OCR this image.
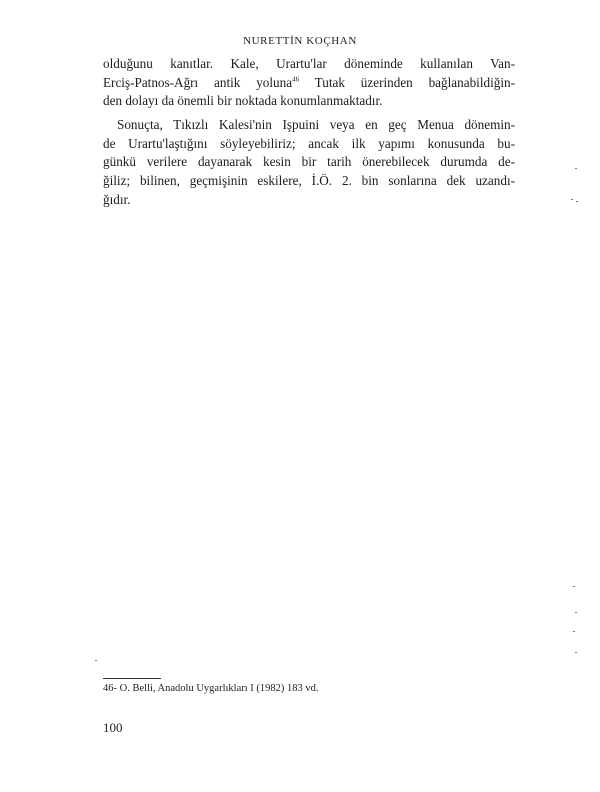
NURETTİN KOÇHAN
olduğunu kanıtlar. Kale, Urartu'lar döneminde kullanılan Van-
Erciş-Patnos-Ağrı antik yoluna$^{46}$ Tutak üzerinden bağlanabildiğin-
den dolayı da önemli bir noktada konumlanmaktadır.
Sonuçta, Tıkızlı Kalesi'nin Işpuini veya en geç Menua dönemin-
de Urartu'laştığını söyleyebiliriz; ancak ilk yapımı konusunda bu-
günkü verilere dayanarak kesin bir tarih önerebilecek durumda de-
ğiliz; bilinen, geçmişinin eskilere, İ.Ö. 2. bin sonlarına dek uzandı-
ğıdır.
46- O. Belli, Anadolu Uygarlıkları I (1982) 183 vd.
100
